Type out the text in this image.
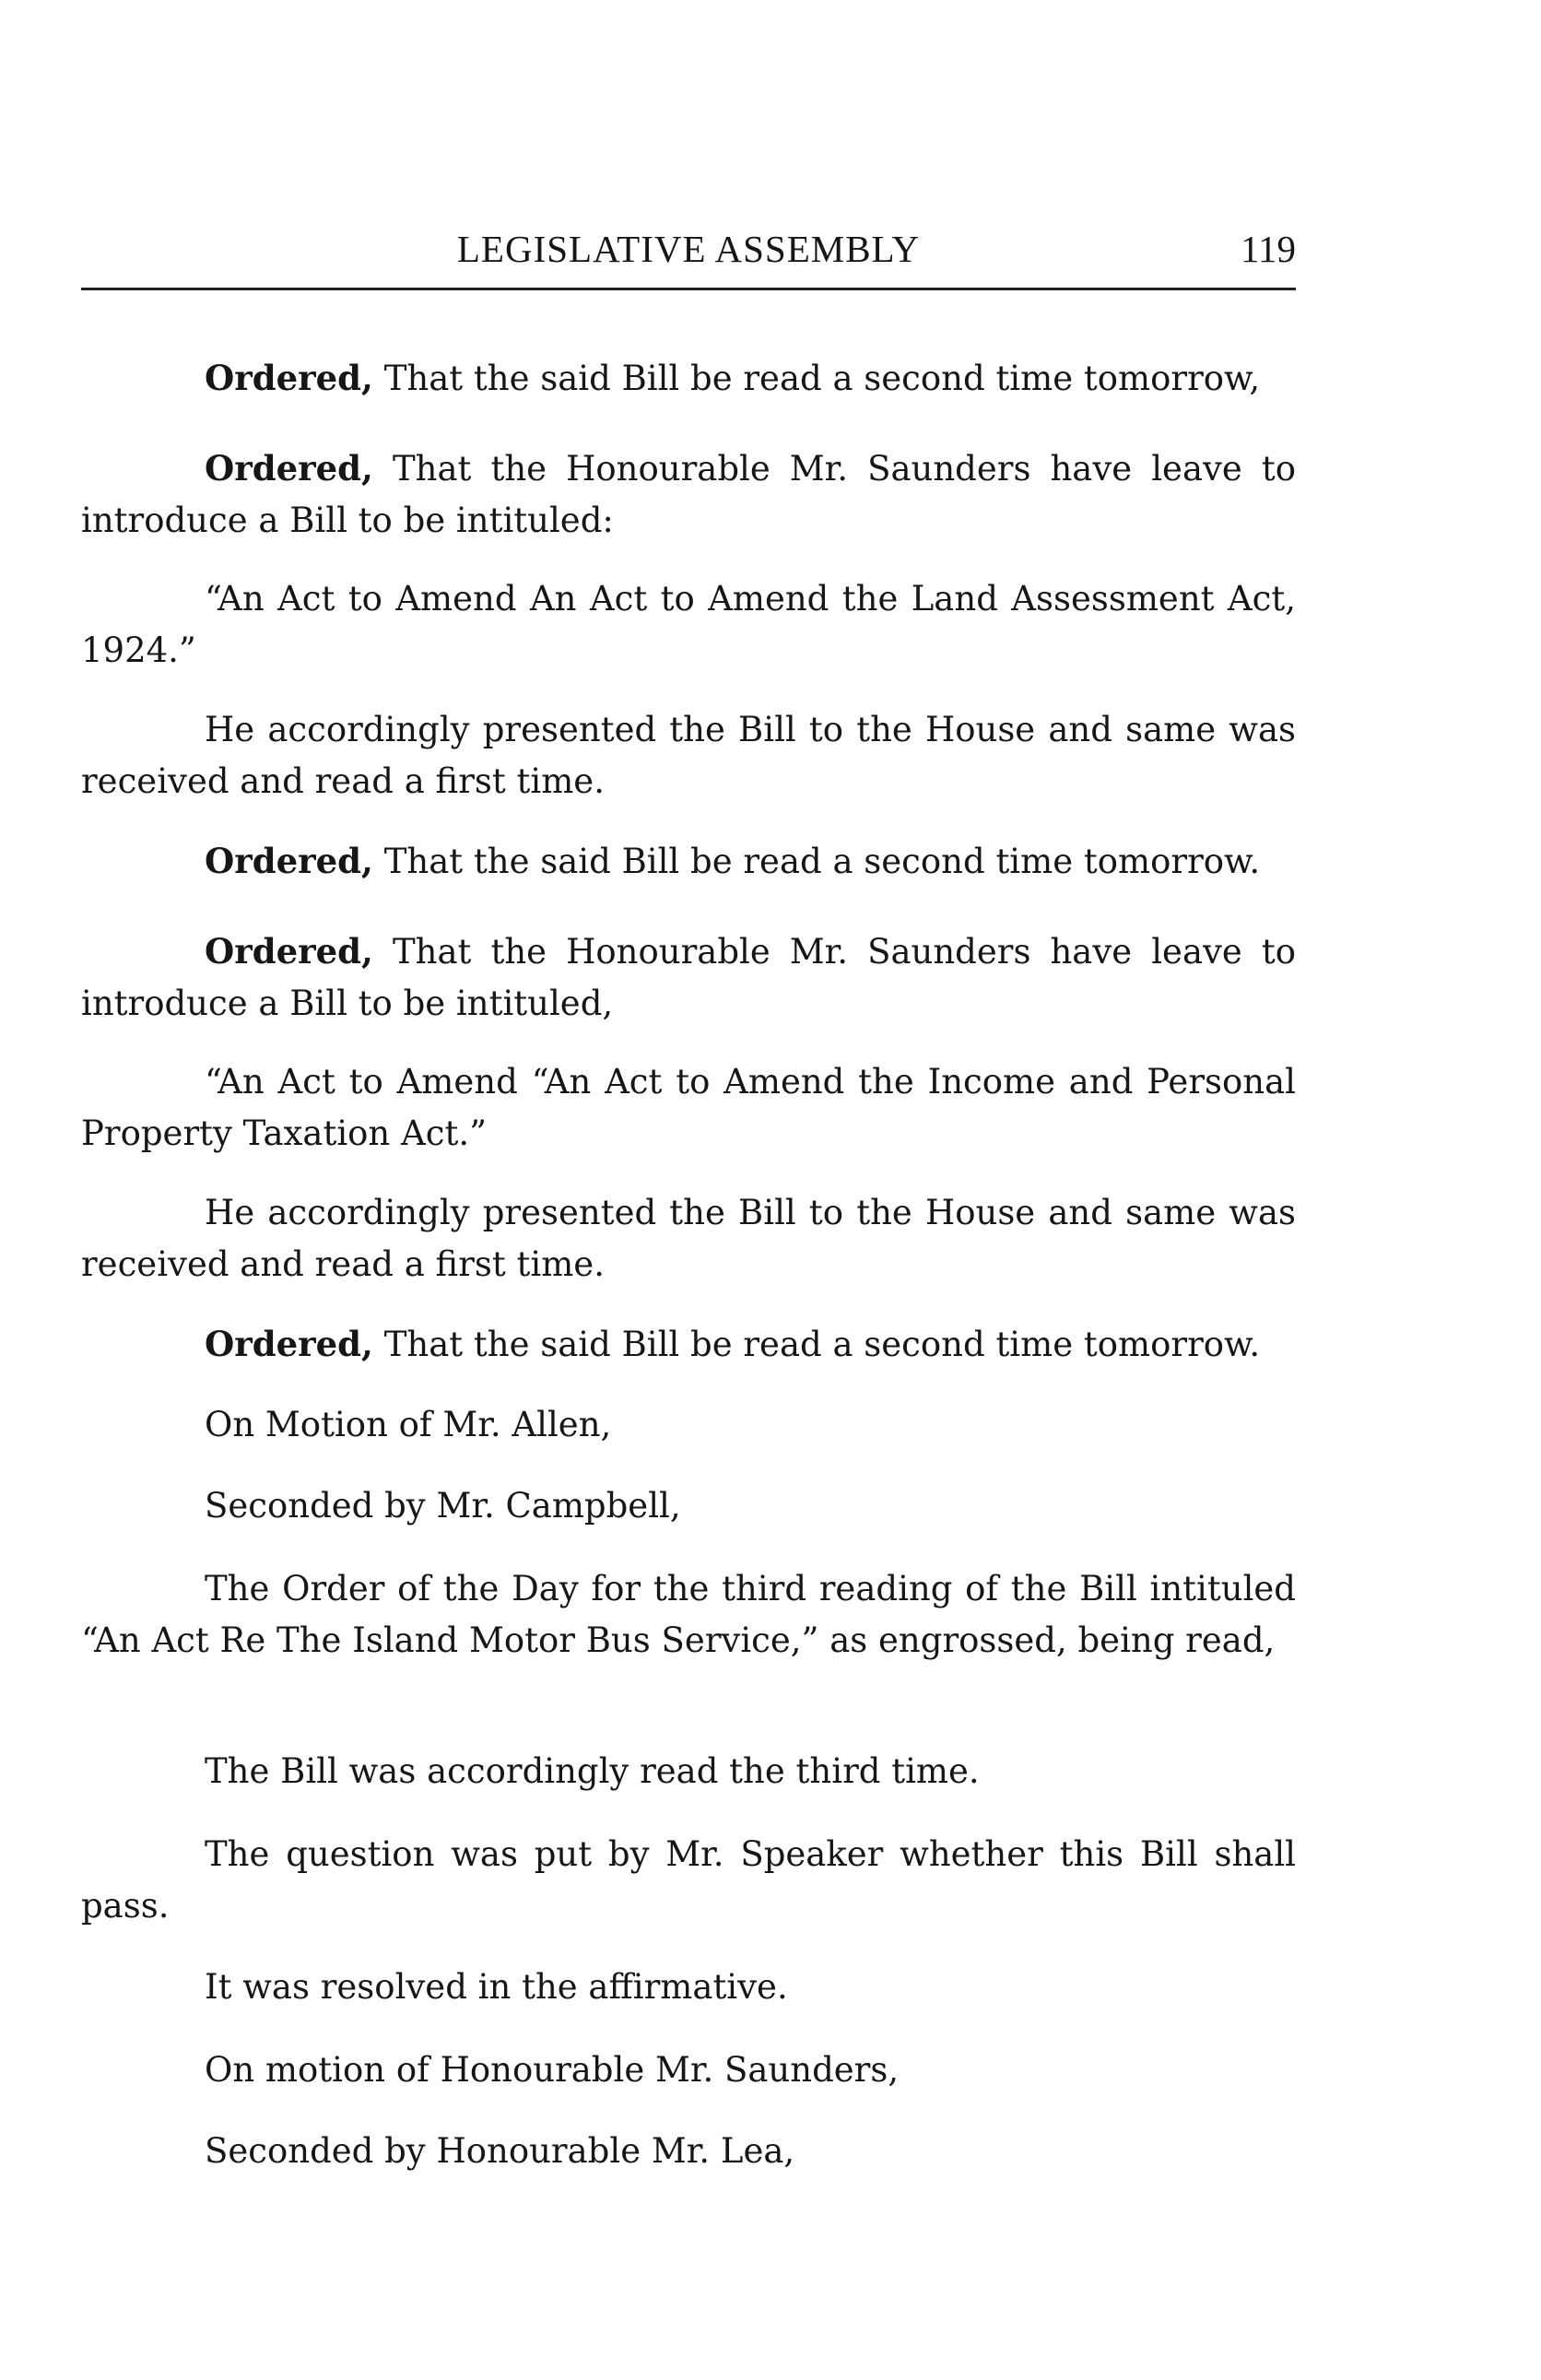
LEGISLATIVE ASSEMBLY	119

Ordered, That the said Bill be read a second time tomorrow,

Ordered, That the Honourable Mr. Saunders have leave to introduce a Bill to be intituled:

“An Act to Amend An Act to Amend the Land Assessment Act, 1924.”

He accordingly presented the Bill to the House and same was received and read a first time.

Ordered, That the said Bill be read a second time tomorrow.

Ordered, That the Honourable Mr. Saunders have leave to introduce a Bill to be intituled,

“An Act to Amend “An Act to Amend the Income and Personal Property Taxation Act.”

He accordingly presented the Bill to the House and same was received and read a first time.

Ordered, That the said Bill be read a second time tomorrow.

On Motion of Mr. Allen,

Seconded by Mr. Campbell,

The Order of the Day for the third reading of the Bill intituled “An Act Re The Island Motor Bus Service,” as engrossed, being read,

The Bill was accordingly read the third time.

The question was put by Mr. Speaker whether this Bill shall pass.

It was resolved in the affirmative.

On motion of Honourable Mr. Saunders,

Seconded by Honourable Mr. Lea,
